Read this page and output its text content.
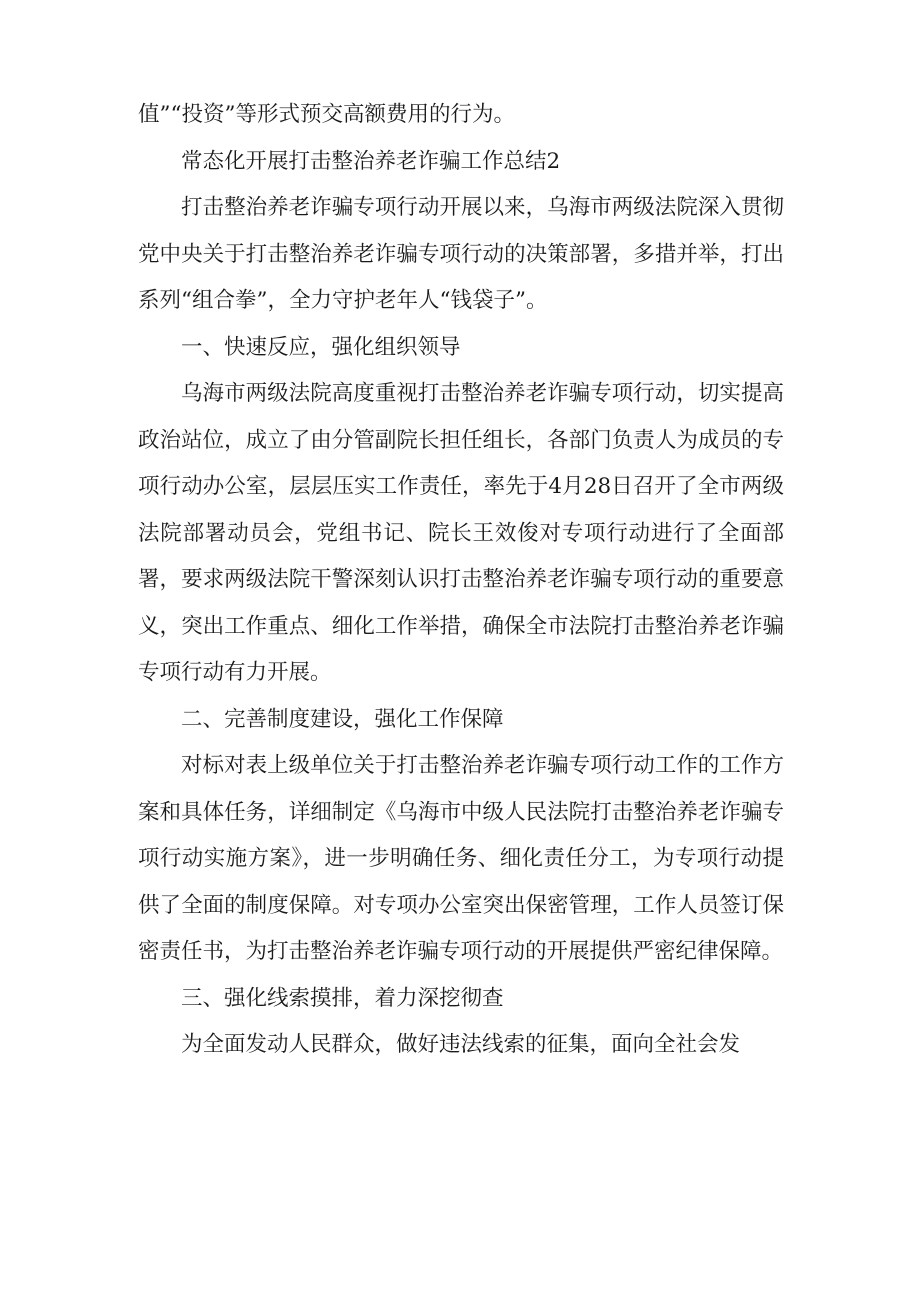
值”“投资”等形式预交高额费用的行为。

常态化开展打击整治养老诈骗工作总结2

打击整治养老诈骗专项行动开展以来，乌海市两级法院深入贯彻党中央关于打击整治养老诈骗专项行动的决策部署，多措并举，打出系列“组合拳”，全力守护老年人“钱袋子”。

一、快速反应，强化组织领导

乌海市两级法院高度重视打击整治养老诈骗专项行动，切实提高政治站位，成立了由分管副院长担任组长，各部门负责人为成员的专项行动办公室，层层压实工作责任，率先于4月28日召开了全市两级法院部署动员会，党组书记、院长王效俊对专项行动进行了全面部署，要求两级法院干警深刻认识打击整治养老诈骗专项行动的重要意义，突出工作重点、细化工作举措，确保全市法院打击整治养老诈骗专项行动有力开展。

二、完善制度建设，强化工作保障

对标对表上级单位关于打击整治养老诈骗专项行动工作的工作方案和具体任务，详细制定《乌海市中级人民法院打击整治养老诈骗专项行动实施方案》，进一步明确任务、细化责任分工，为专项行动提供了全面的制度保障。对专项办公室突出保密管理，工作人员签订保密责任书，为打击整治养老诈骗专项行动的开展提供严密纪律保障。

三、强化线索摸排，着力深挖彻查

为全面发动人民群众，做好违法线索的征集，面向全社会发
